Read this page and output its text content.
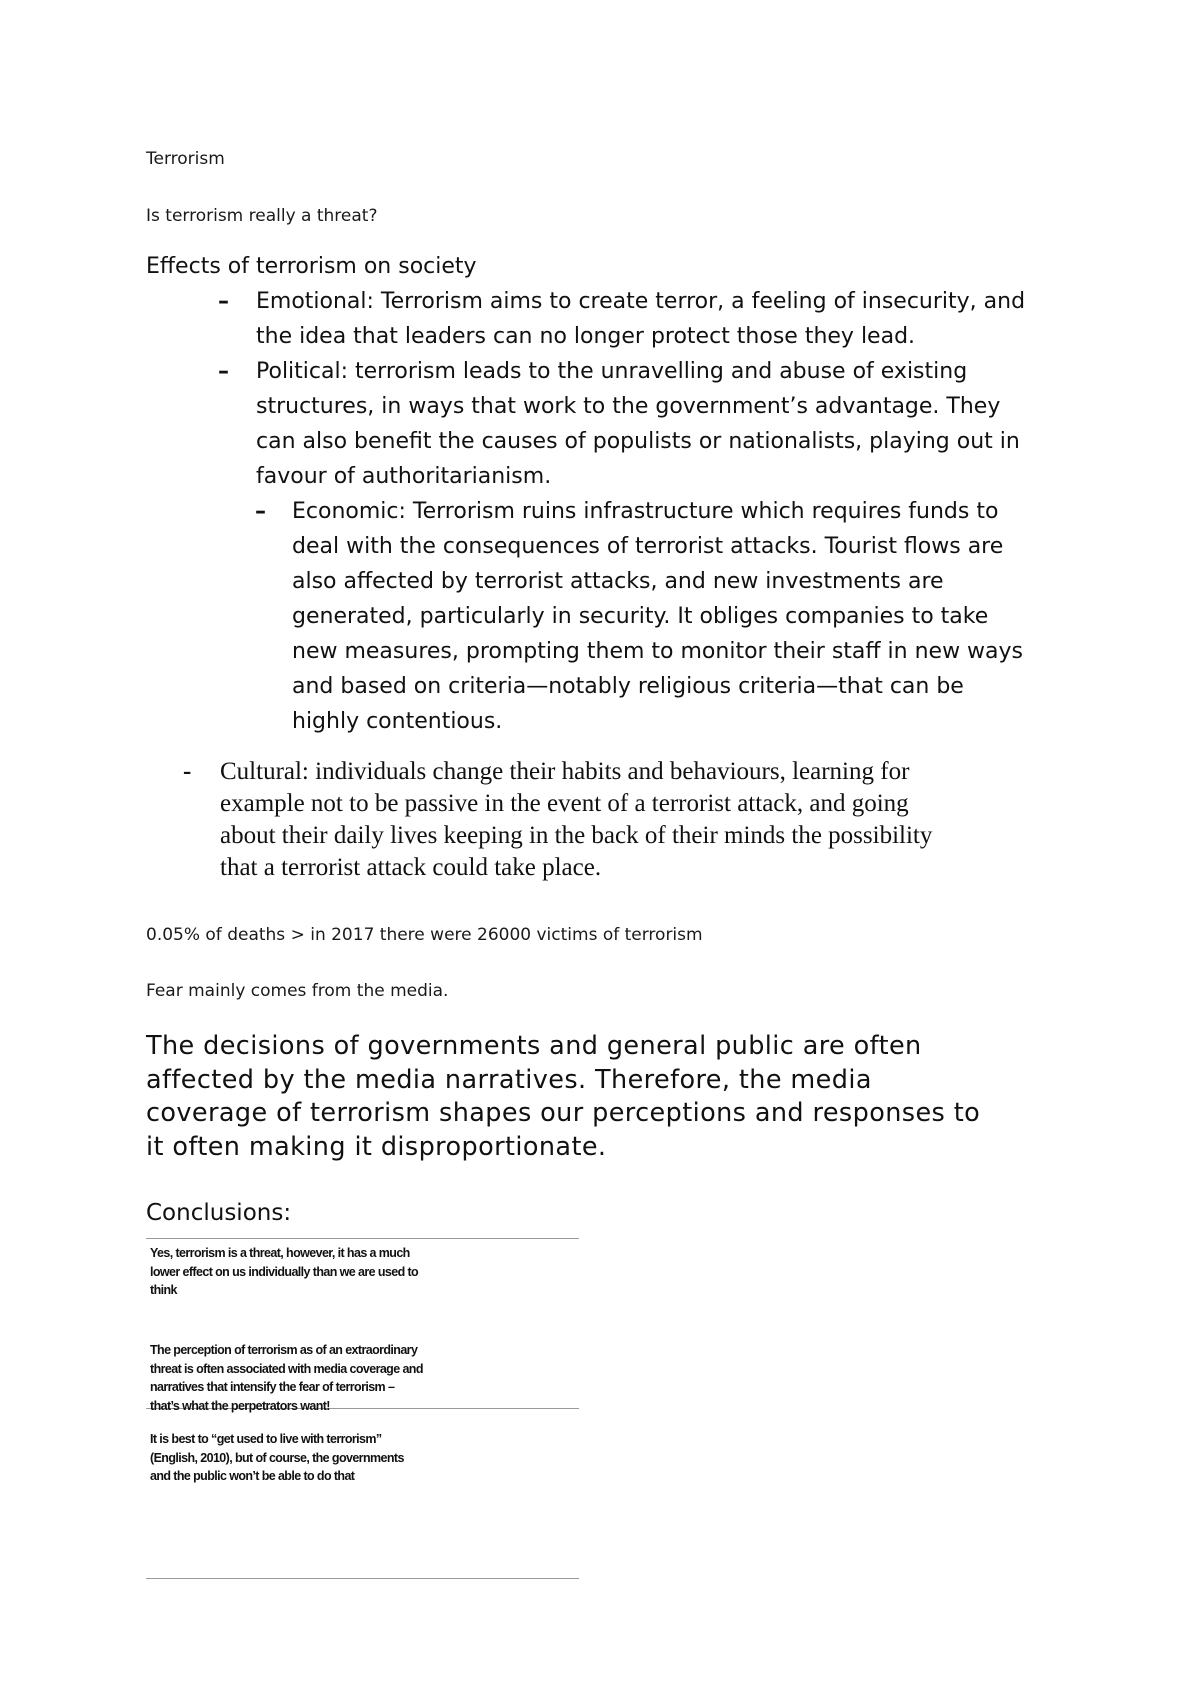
Terrorism
Is terrorism really a threat?
Effects of terrorism on society
– Emotional: Terrorism aims to create terror, a feeling of insecurity, and
the idea that leaders can no longer protect those they lead.
– Political: terrorism leads to the unravelling and abuse of existing
structures, in ways that work to the government’s advantage. They
can also benefit the causes of populists or nationalists, playing out in
favour of authoritarianism.
– Economic: Terrorism ruins infrastructure which requires funds to
deal with the consequences of terrorist attacks. Tourist flows are
also affected by terrorist attacks, and new investments are
generated, particularly in security. It obliges companies to take
new measures, prompting them to monitor their staff in new ways
and based on criteria—notably religious criteria—that can be
highly contentious.
- Cultural: individuals change their habits and behaviours, learning for
example not to be passive in the event of a terrorist attack, and going
about their daily lives keeping in the back of their minds the possibility
that a terrorist attack could take place.
0.05% of deaths > in 2017 there were 26000 victims of terrorism
Fear mainly comes from the media.
The decisions of governments and general public are often
affected by the media narratives. Therefore, the media
coverage of terrorism shapes our perceptions and responses to
it often making it disproportionate.
Conclusions:
Yes, terrorism is a threat, however, it has a much
lower effect on us individually than we are used to
think
The perception of terrorism as of an extraordinary
threat is often associated with media coverage and
narratives that intensify the fear of terrorism –
that’s what the perpetrators want!
It is best to “get used to live with terrorism”
(English, 2010), but of course, the governments
and the public won’t be able to do that
